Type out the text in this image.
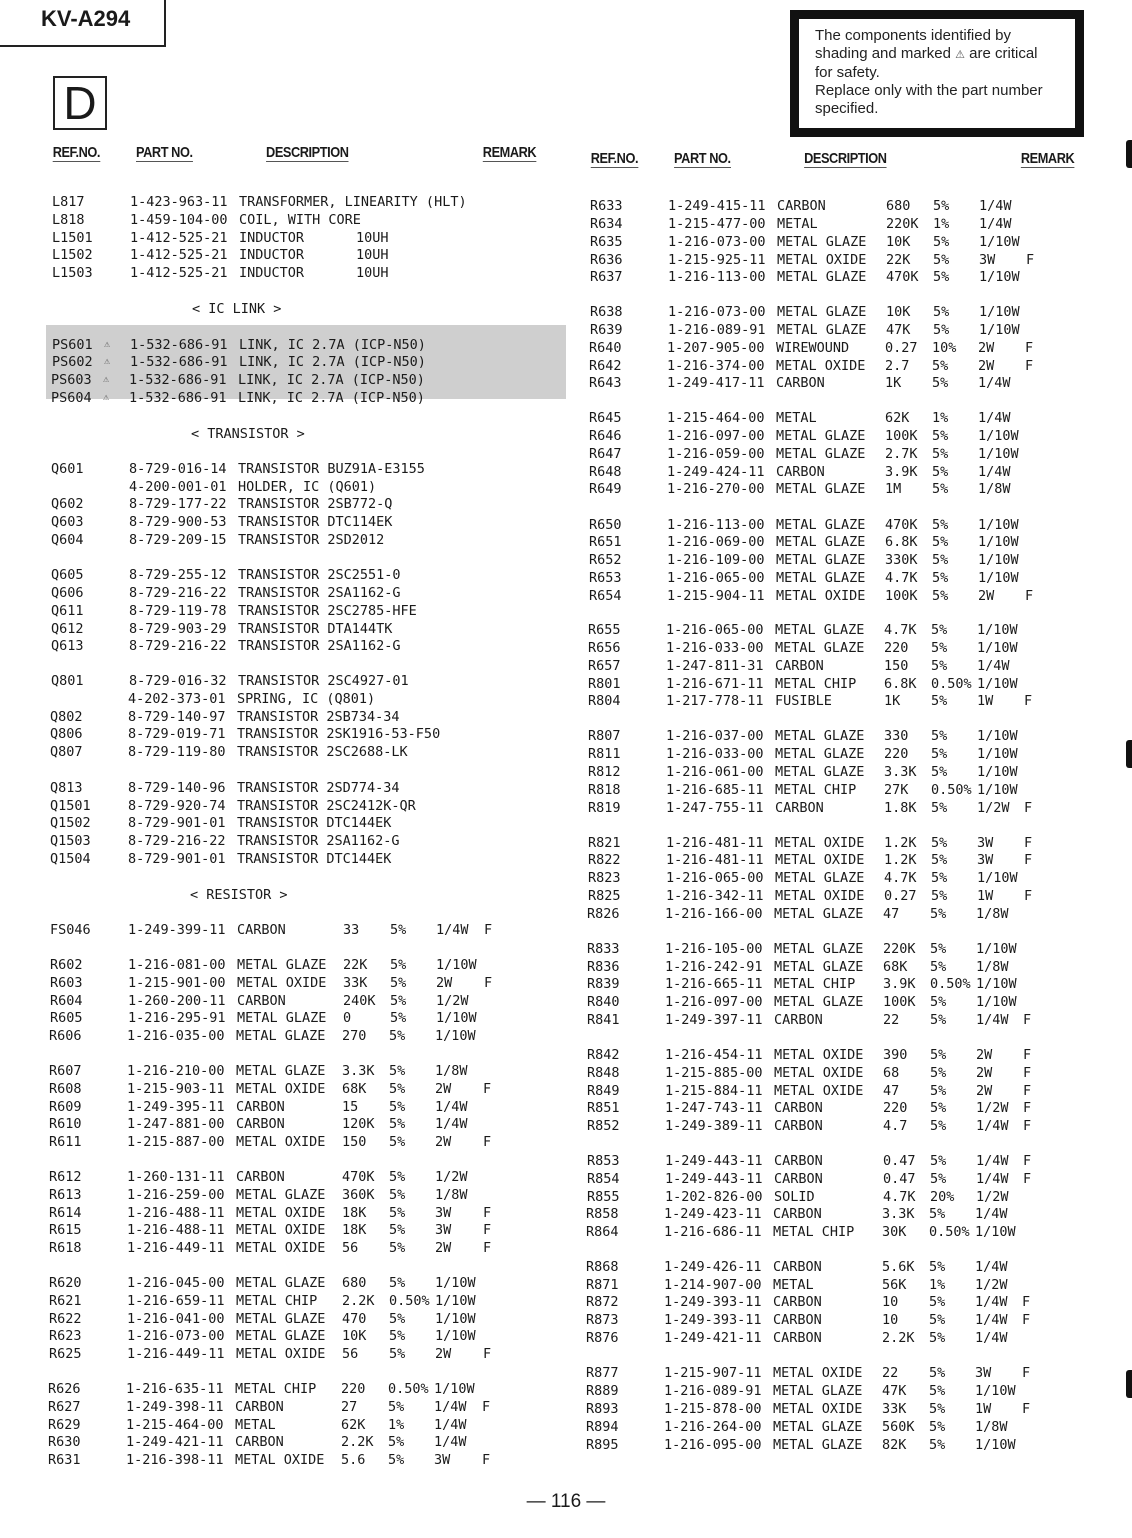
KV-A294
D
The components identified by
shading and marked ⚠ are critical
for safety.
Replace only with the part number
specified.
REF.NO. PART NO.	DESCRIPTION	REMARK	REF.NO. PART NO.	DESCRIPTION	REMARK
L817	1-423-963-11 TRANSFORMER, LINEARITY (HLT)
L818	1-459-104-00 COIL, WITH CORE
L1501	1-412-525-21 INDUCTOR	10UH
L1502	1-412-525-21 INDUCTOR	10UH
L1503	1-412-525-21 INDUCTOR	10UH
< IC LINK >
PS601	1-532-686-91 LINK, IC 2.7A (ICP-N50)
⚠
PS602	1-532-686-91 LINK, IC 2.7A (ICP-N50)
⚠
PS603	1-532-686-91 LINK, IC 2.7A (ICP-N50)
⚠
PS604	1-532-686-91 LINK, IC 2.7A (ICP-N50)
⚠
< TRANSISTOR >
Q601	8-729-016-14 TRANSISTOR BUZ91A-E3155
4-200-001-01 HOLDER, IC (Q601)
Q602	8-729-177-22 TRANSISTOR 2SB772-Q
Q603	8-729-900-53 TRANSISTOR DTC114EK
Q604	8-729-209-15 TRANSISTOR 2SD2012
Q605	8-729-255-12 TRANSISTOR 2SC2551-0
Q606	8-729-216-22 TRANSISTOR 2SA1162-G
Q611	8-729-119-78 TRANSISTOR 2SC2785-HFE
Q612	8-729-903-29 TRANSISTOR DTA144TK
Q613	8-729-216-22 TRANSISTOR 2SA1162-G
Q801	8-729-016-32 TRANSISTOR 2SC4927-01
4-202-373-01 SPRING, IC (Q801)
Q802	8-729-140-97 TRANSISTOR 2SB734-34
Q806	8-729-019-71 TRANSISTOR 2SK1916-53-F50
Q807	8-729-119-80 TRANSISTOR 2SC2688-LK
Q813	8-729-140-96 TRANSISTOR 2SD774-34
Q1501	8-729-920-74 TRANSISTOR 2SC2412K-QR
Q1502	8-729-901-01 TRANSISTOR DTC144EK
Q1503	8-729-216-22 TRANSISTOR 2SA1162-G
Q1504	8-729-901-01 TRANSISTOR DTC144EK
< RESISTOR >
FS046	1-249-399-11 CARBON	33 5% 1/4W F
R602	1-216-081-00 METAL GLAZE 22K 5% 1/10W
R603	1-215-901-00 METAL OXIDE 33K 5% 2W F
R604	1-260-200-11 CARBON	240K 5% 1/2W
R605	1-216-295-91 METAL GLAZE 0	5% 1/10W
R606	1-216-035-00 METAL GLAZE 270 5% 1/10W
R607	1-216-210-00 METAL GLAZE 3.3K 5% 1/8W
R608	1-215-903-11 METAL OXIDE 68K 5% 2W F
R609	1-249-395-11 CARBON	15 5% 1/4W
R610	1-247-881-00 CARBON	120K 5% 1/4W
R611	1-215-887-00 METAL OXIDE 150 5% 2W F
R612	1-260-131-11 CARBON	470K 5% 1/2W
R613	1-216-259-00 METAL GLAZE 360K 5% 1/8W
R614	1-216-488-11 METAL OXIDE 18K 5% 3W F
R615	1-216-488-11 METAL OXIDE 18K 5% 3W F
R618	1-216-449-11 METAL OXIDE 56 5% 2W F
R620	1-216-045-00 METAL GLAZE 680 5% 1/10W
R621	1-216-659-11 METAL CHIP 2.2K 0.50% 1/10W
R622	1-216-041-00 METAL GLAZE 470 5% 1/10W
R623	1-216-073-00 METAL GLAZE 10K 5% 1/10W
R625	1-216-449-11 METAL OXIDE 56 5% 2W F
R626	1-216-635-11 METAL CHIP 220 0.50% 1/10W
R627	1-249-398-11 CARBON	27 5% 1/4W F
R629	1-215-464-00 METAL	62K 1% 1/4W
R630	1-249-421-11 CARBON	2.2K 5% 1/4W
R631	1-216-398-11 METAL OXIDE 5.6 5% 3W F
R633	1-249-415-11 CARBON	680 5% 1/4W
R634	1-215-477-00 METAL	220K 1% 1/4W
R635	1-216-073-00 METAL GLAZE 10K 5% 1/10W
R636	1-215-925-11 METAL OXIDE 22K 5% 3W F
R637	1-216-113-00 METAL GLAZE 470K 5% 1/10W
R638	1-216-073-00 METAL GLAZE 10K 5% 1/10W
R639	1-216-089-91 METAL GLAZE 47K 5% 1/10W
R640	1-207-905-00 WIREWOUND	0.27 10% 2W F
R642	1-216-374-00 METAL OXIDE 2.7 5% 2W F
R643	1-249-417-11 CARBON	1K 5% 1/4W
R645	1-215-464-00 METAL	62K 1% 1/4W
R646	1-216-097-00 METAL GLAZE 100K 5% 1/10W
R647	1-216-059-00 METAL GLAZE 2.7K 5% 1/10W
R648	1-249-424-11 CARBON	3.9K 5% 1/4W
R649	1-216-270-00 METAL GLAZE 1M 5% 1/8W
R650	1-216-113-00 METAL GLAZE 470K 5% 1/10W
R651	1-216-069-00 METAL GLAZE 6.8K 5% 1/10W
R652	1-216-109-00 METAL GLAZE 330K 5% 1/10W
R653	1-216-065-00 METAL GLAZE 4.7K 5% 1/10W
R654	1-215-904-11 METAL OXIDE 100K 5% 2W F
R655	1-216-065-00 METAL GLAZE 4.7K 5% 1/10W
R656	1-216-033-00 METAL GLAZE 220 5% 1/10W
R657	1-247-811-31 CARBON	150 5% 1/4W
R801	1-216-671-11 METAL CHIP 6.8K 0.50% 1/10W
R804	1-217-778-11 FUSIBLE	1K 5% 1W F
R807	1-216-037-00 METAL GLAZE 330 5% 1/10W
R811	1-216-033-00 METAL GLAZE 220 5% 1/10W
R812	1-216-061-00 METAL GLAZE 3.3K 5% 1/10W
R818	1-216-685-11 METAL CHIP 27K 0.50% 1/10W
R819	1-247-755-11 CARBON	1.8K 5% 1/2W F
R821	1-216-481-11 METAL OXIDE 1.2K 5% 3W F
R822	1-216-481-11 METAL OXIDE 1.2K 5% 3W F
R823	1-216-065-00 METAL GLAZE 4.7K 5% 1/10W
R825	1-216-342-11 METAL OXIDE 0.27 5% 1W F
R826	1-216-166-00 METAL GLAZE 47 5% 1/8W
R833	1-216-105-00 METAL GLAZE 220K 5% 1/10W
R836	1-216-242-91 METAL GLAZE 68K 5% 1/8W
R839	1-216-665-11 METAL CHIP 3.9K 0.50% 1/10W
R840	1-216-097-00 METAL GLAZE 100K 5% 1/10W
R841	1-249-397-11 CARBON	22 5% 1/4W F
R842	1-216-454-11 METAL OXIDE 390 5% 2W F
R848	1-215-885-00 METAL OXIDE 68 5% 2W F
R849	1-215-884-11 METAL OXIDE 47 5% 2W F
R851	1-247-743-11 CARBON	220 5% 1/2W F
R852	1-249-389-11 CARBON	4.7 5% 1/4W F
R853	1-249-443-11 CARBON	0.47 5% 1/4W F
R854	1-249-443-11 CARBON	0.47 5% 1/4W F
R855	1-202-826-00 SOLID	4.7K 20% 1/2W
R858	1-249-423-11 CARBON	3.3K 5% 1/4W
R864	1-216-686-11 METAL CHIP 30K 0.50% 1/10W
R868	1-249-426-11 CARBON	5.6K 5% 1/4W
R871	1-214-907-00 METAL	56K 1% 1/2W
R872	1-249-393-11 CARBON	10 5% 1/4W F
R873	1-249-393-11 CARBON	10 5% 1/4W F
R876	1-249-421-11 CARBON	2.2K 5% 1/4W
R877	1-215-907-11 METAL OXIDE 22 5% 3W F
R889	1-216-089-91 METAL GLAZE 47K 5% 1/10W
R893	1-215-878-00 METAL OXIDE 33K 5% 1W F
R894	1-216-264-00 METAL GLAZE 560K 5% 1/8W
R895	1-216-095-00 METAL GLAZE 82K 5% 1/10W
— 116 —
